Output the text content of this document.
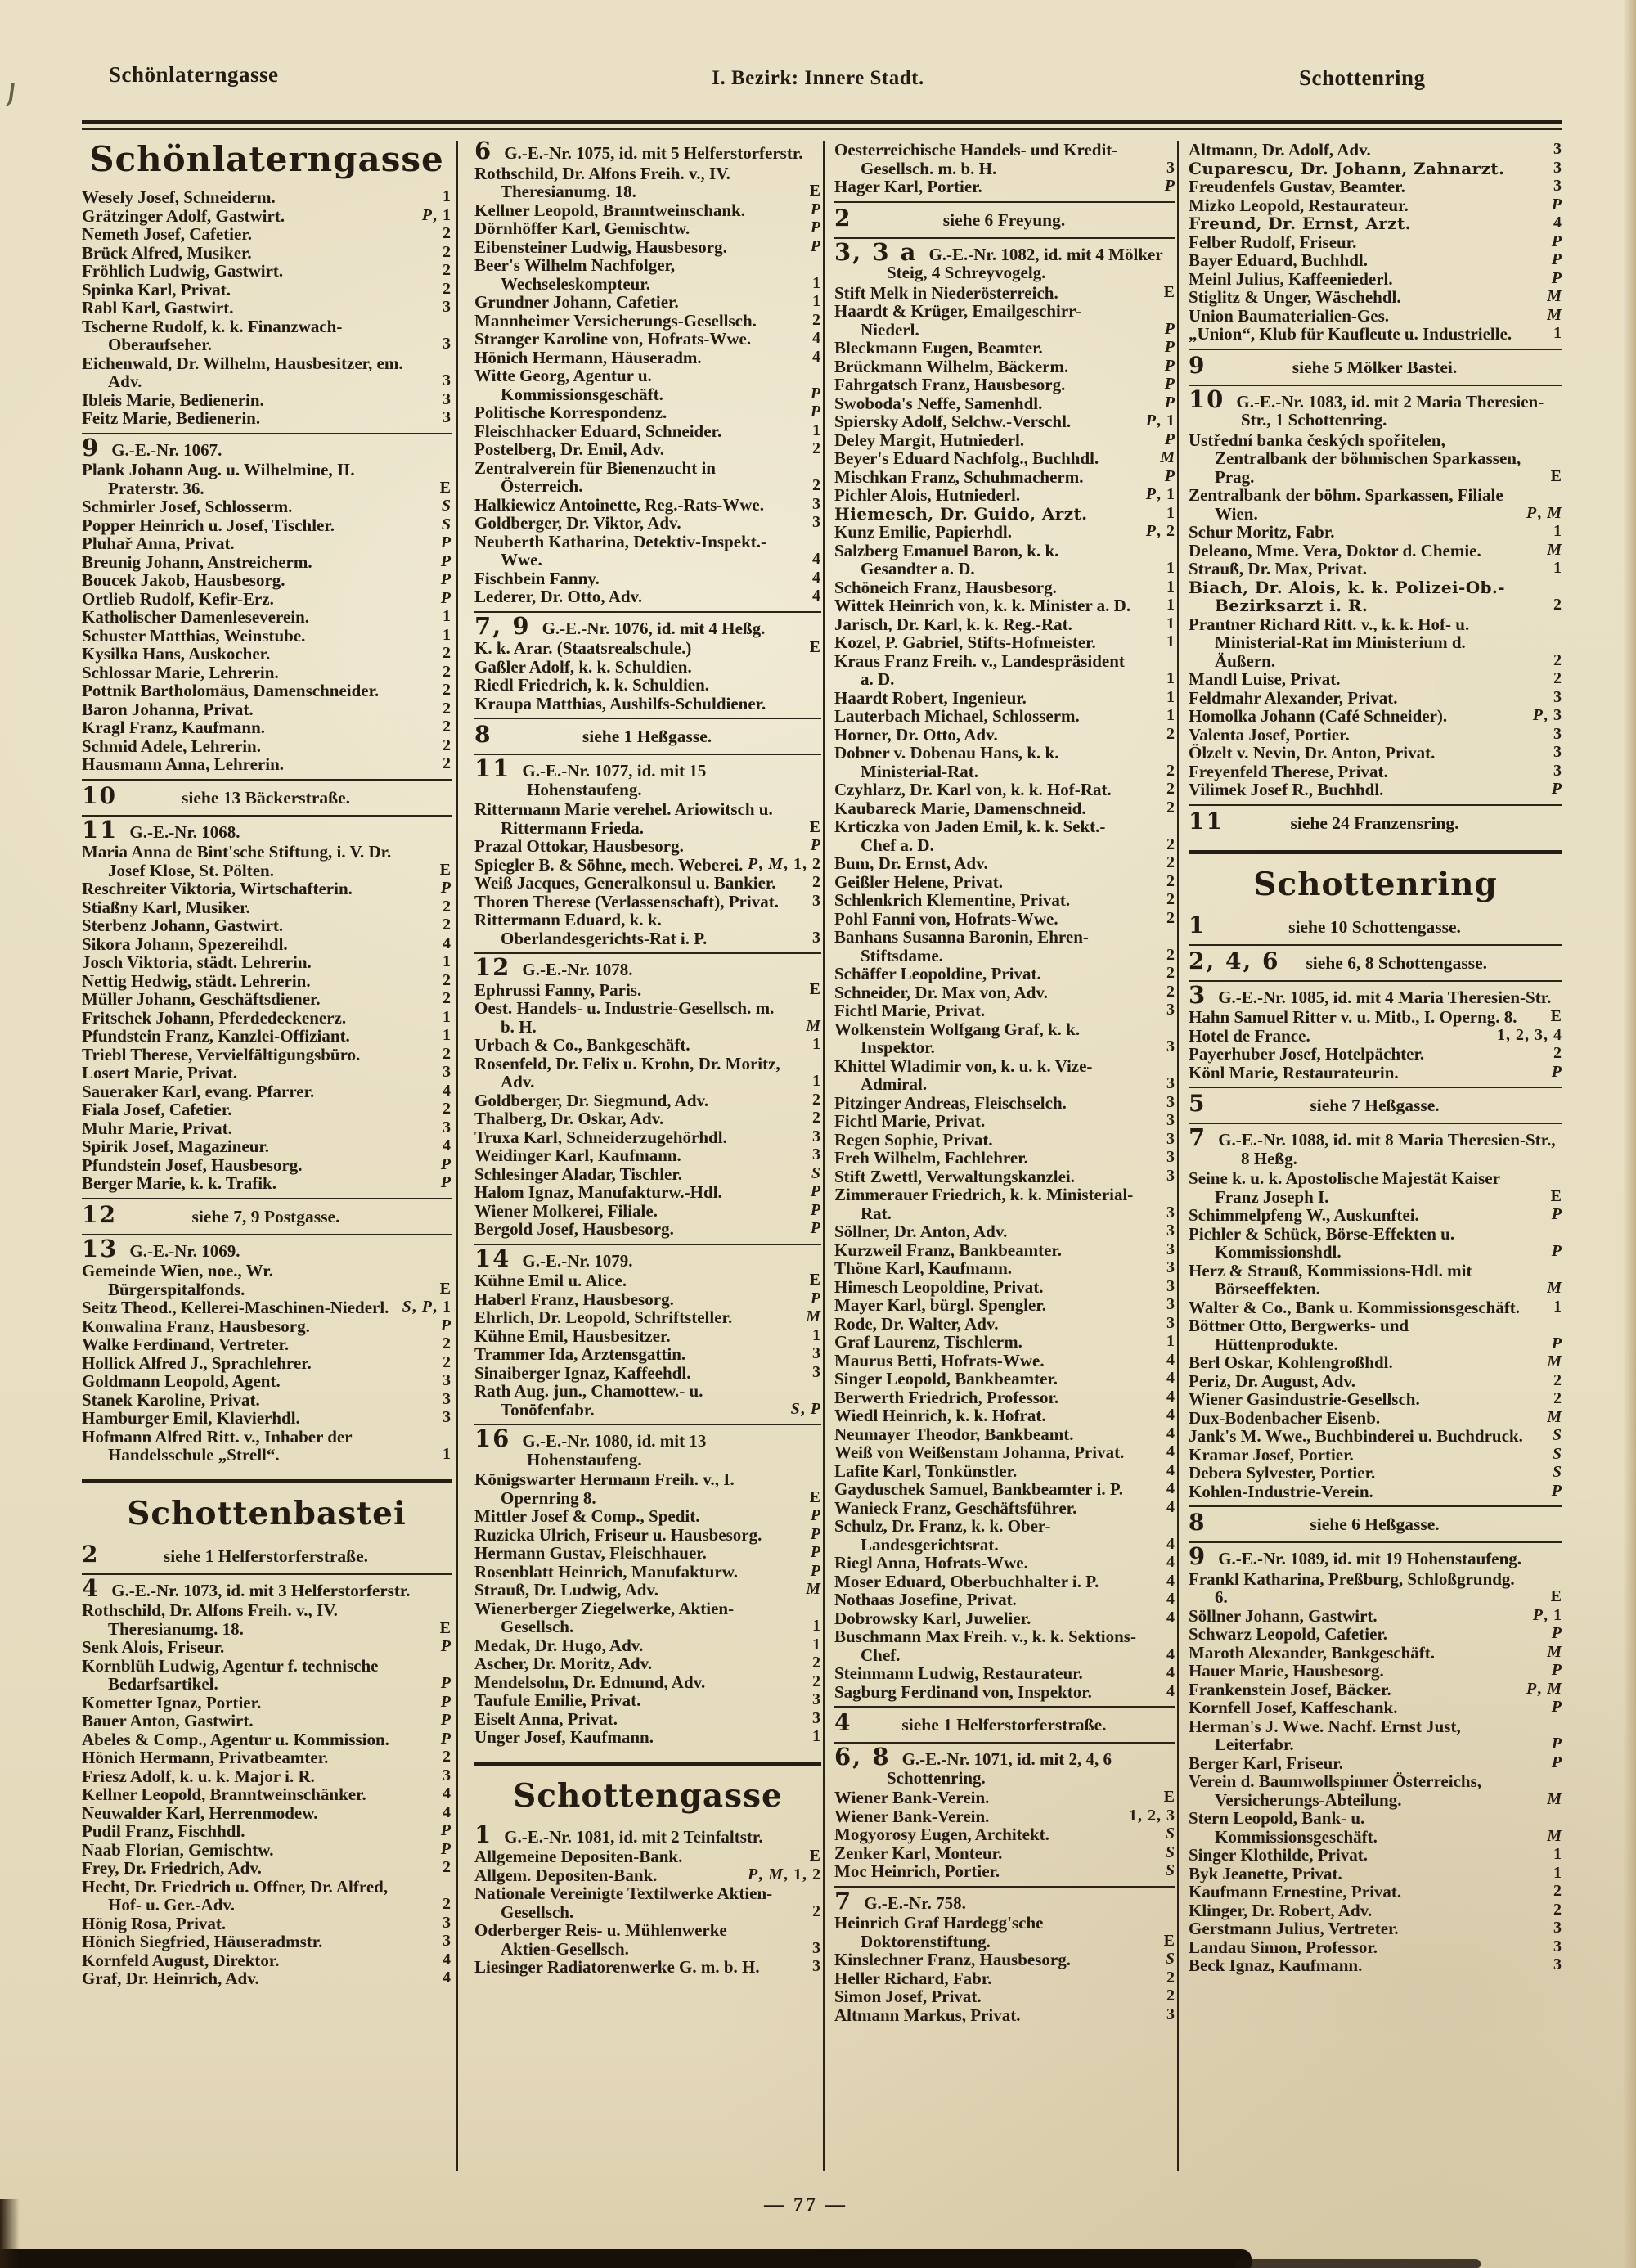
I. Bezirk: Innere Stadt.
Schönlaterngasse	Schottenring
Schönlaterngasse
Wesely Josef, Schneiderm.	1
Grätzinger Adolf, Gastwirt.	P, 1
Nemeth Josef, Cafetier.	2
Brück Alfred, Musiker.	2
Fröhlich Ludwig, Gastwirt.	2
Spinka Karl, Privat.	2
Rabl Karl, Gastwirt.	3
Tscherne Rudolf, k. k. Finanzwach-Oberaufseher.	3
Eichenwald, Dr. Wilhelm, Hausbesitzer, em. Adv.	3
Ibleis Marie, Bedienerin.	3
Feitz Marie, Bedienerin.	3
9 G.-E.-Nr. 1067.
Plank Johann Aug. u. Wilhelmine, II. Praterstr. 36.	E
Schmirler Josef, Schlosserm.	S
Popper Heinrich u. Josef, Tischler.	S
Pluhař Anna, Privat.	P
Breunig Johann, Anstreicherm.	P
Boucek Jakob, Hausbesorg.	P
Ortlieb Rudolf, Kefir-Erz.	P
Katholischer Damenleseverein.	1
Schuster Matthias, Weinstube.	1
Kysilka Hans, Auskocher.	2
Schlossar Marie, Lehrerin.	2
Pottnik Bartholomäus, Damenschneider.	2
Baron Johanna, Privat.	2
Kragl Franz, Kaufmann.	2
Schmid Adele, Lehrerin.	2
Hausmann Anna, Lehrerin.	2
10	siehe 13 Bäckerstraße.
11 G.-E.-Nr. 1068.
Maria Anna de Bint'sche Stiftung, i. V. Dr. Josef Klose, St. Pölten.	E
Reschreiter Viktoria, Wirtschafterin.	P
Stiaßny Karl, Musiker.	2
Sterbenz Johann, Gastwirt.	2
Sikora Johann, Spezereihdl.	4
Josch Viktoria, städt. Lehrerin.	1
Nettig Hedwig, städt. Lehrerin.	2
Müller Johann, Geschäftsdiener.	2
Fritschek Johann, Pferdedeckenerz.	1
Pfundstein Franz, Kanzlei-Offiziant.	1
Triebl Therese, Vervielfältigungsbüro.	2
Losert Marie, Privat.	3
Saueraker Karl, evang. Pfarrer.	4
Fiala Josef, Cafetier.	2
Muhr Marie, Privat.	3
Spirik Josef, Magazineur.	4
Pfundstein Josef, Hausbesorg.	P
Berger Marie, k. k. Trafik.	P
12	siehe 7, 9 Postgasse.
13 G.-E.-Nr. 1069.
Gemeinde Wien, noe., Wr. Bürgerspitalfonds.	E
Seitz Theod., Kellerei-Maschinen-Niederl. S, P, 1
Konwalina Franz, Hausbesorg.	P
Walke Ferdinand, Vertreter.	2
Hollick Alfred J., Sprachlehrer.	2
Goldmann Leopold, Agent.	3
Stanek Karoline, Privat.	3
Hamburger Emil, Klavierhdl.	3
Hofmann Alfred Ritt. v., Inhaber der Handelsschule „Strell“.	1
Schottenbastei
2	siehe 1 Helferstorferstraße.
4 G.-E.-Nr. 1073, id. mit 3 Helferstorferstr.
Rothschild, Dr. Alfons Freih. v., IV. Theresianumg. 18.	E
Senk Alois, Friseur.	P
Kornblüh Ludwig, Agentur f. technische Bedarfsartikel.	P
Kometter Ignaz, Portier.	P
Bauer Anton, Gastwirt.	P
Abeles & Comp., Agentur u. Kommission.	P
Hönich Hermann, Privatbeamter.	2
Friesz Adolf, k. u. k. Major i. R.	3
Kellner Leopold, Branntweinschänker.	4
Neuwalder Karl, Herrenmodew.	4
Pudil Franz, Fischhdl.	P
Naab Florian, Gemischtw.	P
Frey, Dr. Friedrich, Adv.	2
Hecht, Dr. Friedrich u. Offner, Dr. Alfred, Hof- u. Ger.-Adv.	2
Hönig Rosa, Privat.	3
Hönich Siegfried, Häuseradmstr.	3
Kornfeld August, Direktor.	4
Graf, Dr. Heinrich, Adv.	4
6 G.-E.-Nr. 1075, id. mit 5 Helferstorferstr.
Rothschild, Dr. Alfons Freih. v., IV. Theresianumg. 18.	E
Kellner Leopold, Branntweinschank.	P
Dörnhöffer Karl, Gemischtw.	P
Eibensteiner Ludwig, Hausbesorg.	P
Beer's Wilhelm Nachfolger, Wechseleskompteur.	1
Grundner Johann, Cafetier.	1
Mannheimer Versicherungs-Gesellsch.	2
Stranger Karoline von, Hofrats-Wwe.	4
Hönich Hermann, Häuseradm.	4
Witte Georg, Agentur u. Kommissionsgeschäft.	P
Politische Korrespondenz.	P
Fleischhacker Eduard, Schneider.	1
Postelberg, Dr. Emil, Adv.	2
Zentralverein für Bienenzucht in Österreich.	2
Halkiewicz Antoinette, Reg.-Rats-Wwe.	3
Goldberger, Dr. Viktor, Adv.	3
Neuberth Katharina, Detektiv-Inspekt.-Wwe.	4
Fischbein Fanny.	4
Lederer, Dr. Otto, Adv.	4
7, 9 G.-E.-Nr. 1076, id. mit 4 Heßg.
K. k. Arar. (Staatsrealschule.)	E
Gaßler Adolf, k. k. Schuldien.
Riedl Friedrich, k. k. Schuldien.
Kraupa Matthias, Aushilfs-Schuldiener.
8	siehe 1 Heßgasse.
11 G.-E.-Nr. 1077, id. mit 15 Hohenstaufeng.
Rittermann Marie verehel. Ariowitsch u. Rittermann Frieda.	E
Prazal Ottokar, Hausbesorg.	P
Spiegler B. & Söhne, mech. Weberei. P, M, 1, 2
Weiß Jacques, Generalkonsul u. Bankier. 2
Thoren Therese (Verlassenschaft), Privat. 3
Rittermann Eduard, k. k. Oberlandesgerichts-Rat i. P.	3
12 G.-E.-Nr. 1078.
Ephrussi Fanny, Paris.	E
Oest. Handels- u. Industrie-Gesellsch. m. b. H.	M
Urbach & Co., Bankgeschäft.	1
Rosenfeld, Dr. Felix u. Krohn, Dr. Moritz, Adv.	1
Goldberger, Dr. Siegmund, Adv.	2
Thalberg, Dr. Oskar, Adv.	2
Truxa Karl, Schneiderzugehörhdl.	3
Weidinger Karl, Kaufmann.	3
Schlesinger Aladar, Tischler.	S
Halom Ignaz, Manufakturw.-Hdl.	P
Wiener Molkerei, Filiale.	P
Bergold Josef, Hausbesorg.	P
14 G.-E.-Nr. 1079.
Kühne Emil u. Alice.	E
Haberl Franz, Hausbesorg.	P
Ehrlich, Dr. Leopold, Schriftsteller.	M
Kühne Emil, Hausbesitzer.	1
Trammer Ida, Arztensgattin.	3
Sinaiberger Ignaz, Kaffeehdl.	3
Rath Aug. jun., Chamottew.- u. Tonöfenfabr.	S, P
16 G.-E.-Nr. 1080, id. mit 13 Hohenstaufeng.
Königswarter Hermann Freih. v., I. Opernring 8.	E
Mittler Josef & Comp., Spedit.	P
Ruzicka Ulrich, Friseur u. Hausbesorg.	P
Hermann Gustav, Fleischhauer.	P
Rosenblatt Heinrich, Manufakturw.	P
Strauß, Dr. Ludwig, Adv.	M
Wienerberger Ziegelwerke, Aktien-Gesellsch.	1
Medak, Dr. Hugo, Adv.	1
Ascher, Dr. Moritz, Adv.	2
Mendelsohn, Dr. Edmund, Adv.	2
Taufule Emilie, Privat.	3
Eiselt Anna, Privat.	3
Unger Josef, Kaufmann.	1
Schottengasse
1 G.-E.-Nr. 1081, id. mit 2 Teinfaltstr.
Allgemeine Depositen-Bank.	E
Allgem. Depositen-Bank.	P, M, 1, 2
Nationale Vereinigte Textilwerke Aktien-Gesellsch.	2
Oderberger Reis- u. Mühlenwerke Aktien-Gesellsch.	3
Liesinger Radiatorenwerke G. m. b. H.	3
Oesterreichische Handels- und Kredit-Gesellsch. m. b. H.	3
Hager Karl, Portier.	P
2	siehe 6 Freyung.
3, 3 a G.-E.-Nr. 1082, id. mit 4 Mölker Steig, 4 Schreyvogelg.
Stift Melk in Niederösterreich.	E
Haardt & Krüger, Emailgeschirr-Niederl.	P
Bleckmann Eugen, Beamter.	P
Brückmann Wilhelm, Bäckerm.	P
Fahrgatsch Franz, Hausbesorg.	P
Swoboda's Neffe, Samenhdl.	P
Spiersky Adolf, Selchw.-Verschl.	P, 1
Deley Margit, Hutniederl.	P
Beyer's Eduard Nachfolg., Buchhdl.	M
Mischkan Franz, Schuhmacherm.	P
Pichler Alois, Hutniederl.	P, 1
Hiemesch, Dr. Guido, Arzt.	1
Kunz Emilie, Papierhdl.	P, 2
Salzberg Emanuel Baron, k. k. Gesandter a. D.	1
Schöneich Franz, Hausbesorg.	1
Wittek Heinrich von, k. k. Minister a. D. 1
Jarisch, Dr. Karl, k. k. Reg.-Rat.	1
Kozel, P. Gabriel, Stifts-Hofmeister.	1
Kraus Franz Freih. v., Landespräsident a. D.	1
Haardt Robert, Ingenieur.	1
Lauterbach Michael, Schlosserm.	1
Horner, Dr. Otto, Adv.	2
Dobner v. Dobenau Hans, k. k. Ministerial-Rat.	2
Czyhlarz, Dr. Karl von, k. k. Hof-Rat.	2
Kaubareck Marie, Damenschneid.	2
Krticzka von Jaden Emil, k. k. Sekt.-Chef a. D.	2
Bum, Dr. Ernst, Adv.	2
Geißler Helene, Privat.	2
Schlenkrich Klementine, Privat.	2
Pohl Fanni von, Hofrats-Wwe.	2
Banhans Susanna Baronin, Ehren-Stiftsdame.	2
Schäffer Leopoldine, Privat.	2
Schneider, Dr. Max von, Adv.	2
Fichtl Marie, Privat.	3
Wolkenstein Wolfgang Graf, k. k. Inspektor.	3
Khittel Wladimir von, k. u. k. Vize-Admiral.	3
Pitzinger Andreas, Fleischselch.	3
Fichtl Marie, Privat.	3
Regen Sophie, Privat.	3
Freh Wilhelm, Fachlehrer.	3
Stift Zwettl, Verwaltungskanzlei.	3
Zimmerauer Friedrich, k. k. Ministerial-Rat.	3
Söllner, Dr. Anton, Adv.	3
Kurzweil Franz, Bankbeamter.	3
Thöne Karl, Kaufmann.	3
Himesch Leopoldine, Privat.	3
Mayer Karl, bürgl. Spengler.	3
Rode, Dr. Walter, Adv.	3
Graf Laurenz, Tischlerm.	1
Maurus Betti, Hofrats-Wwe.	4
Singer Leopold, Bankbeamter.	4
Berwerth Friedrich, Professor.	4
Wiedl Heinrich, k. k. Hofrat.	4
Neumayer Theodor, Bankbeamt.	4
Weiß von Weißenstam Johanna, Privat.	4
Lafite Karl, Tonkünstler.	4
Gayduschek Samuel, Bankbeamter i. P.	4
Wanieck Franz, Geschäftsführer.	4
Schulz, Dr. Franz, k. k. Ober-Landesgerichtsrat.	4
Riegl Anna, Hofrats-Wwe.	4
Moser Eduard, Oberbuchhalter i. P.	4
Nothaas Josefine, Privat.	4
Dobrowsky Karl, Juwelier.	4
Buschmann Max Freih. v., k. k. Sektions-Chef.	4
Steinmann Ludwig, Restaurateur.	4
Sagburg Ferdinand von, Inspektor.	4
4	siehe 1 Helferstorferstraße.
6, 8 G.-E.-Nr. 1071, id. mit 2, 4, 6 Schottenring.
Wiener Bank-Verein.	E
Wiener Bank-Verein.	1, 2, 3
Mogyorosy Eugen, Architekt.	S
Zenker Karl, Monteur.	S
Moc Heinrich, Portier.	S
7 G.-E.-Nr. 758.
Heinrich Graf Hardegg'sche Doktorenstiftung.	E
Kinslechner Franz, Hausbesorg.	S
Heller Richard, Fabr.	2
Simon Josef, Privat.	2
Altmann Markus, Privat.	3
Altmann, Dr. Adolf, Adv.	3
Cuparescu, Dr. Johann, Zahnarzt.	3
Freudenfels Gustav, Beamter.	3
Mizko Leopold, Restaurateur.	P
Freund, Dr. Ernst, Arzt.	4
Felber Rudolf, Friseur.	P
Bayer Eduard, Buchhdl.	P
Meinl Julius, Kaffeeniederl.	P
Stiglitz & Unger, Wäschehdl.	M
Union Baumaterialien-Ges.	M
„Union“, Klub für Kaufleute u. Industrielle.	1
9	siehe 5 Mölker Bastei.
10 G.-E.-Nr. 1083, id. mit 2 Maria Theresien-Str., 1 Schottenring.
Ustřední banka českých spořitelen, Zentralbank der böhmischen Sparkassen, Prag.	E
Zentralbank der böhm. Sparkassen, Filiale Wien.	P, M
Schur Moritz, Fabr.	1
Deleano, Mme. Vera, Doktor d. Chemie.	M
Strauß, Dr. Max, Privat.	1
Biach, Dr. Alois, k. k. Polizei-Ob.-Bezirksarzt i. R.	2
Prantner Richard Ritt. v., k. k. Hof- u. Ministerial-Rat im Ministerium d. Äußern.	2
Mandl Luise, Privat.	2
Feldmahr Alexander, Privat.	3
Homolka Johann (Café Schneider).	P, 3
Valenta Josef, Portier.	3
Ölzelt v. Nevin, Dr. Anton, Privat.	3
Freyenfeld Therese, Privat.	3
Vilimek Josef R., Buchhdl.	P
11	siehe 24 Franzensring.
Schottenring
1	siehe 10 Schottengasse.
2, 4, 6	siehe 6, 8 Schottengasse.
3 G.-E.-Nr. 1085, id. mit 4 Maria Theresien-Str.
Hahn Samuel Ritter v. u. Mitb., I. Operng. 8. E
Hotel de France.	1, 2, 3, 4
Payerhuber Josef, Hotelpächter.	2
Könl Marie, Restaurateurin.	P
5	siehe 7 Heßgasse.
7 G.-E.-Nr. 1088, id. mit 8 Maria Theresien-Str., 8 Heßg.
Seine k. u. k. Apostolische Majestät Kaiser Franz Joseph I.	E
Schimmelpfeng W., Auskunftei.	P
Pichler & Schück, Börse-Effekten u. Kommissionshdl.	P
Herz & Strauß, Kommissions-Hdl. mit Börseeffekten.	M
Walter & Co., Bank u. Kommissionsgeschäft. 1
Böttner Otto, Bergwerks- und Hüttenprodukte.	P
Berl Oskar, Kohlengroßhdl.	M
Periz, Dr. August, Adv.	2
Wiener Gasindustrie-Gesellsch.	2
Dux-Bodenbacher Eisenb.	M
Jank's M. Wwe., Buchbinderei u. Buchdruck. S
Kramar Josef, Portier.	S
Debera Sylvester, Portier.	S
Kohlen-Industrie-Verein.	P
8	siehe 6 Heßgasse.
9 G.-E.-Nr. 1089, id. mit 19 Hohenstaufeng.
Frankl Katharina, Preßburg, Schloßgrundg. 6.	E
Söllner Johann, Gastwirt.	P, 1
Schwarz Leopold, Cafetier.	P
Maroth Alexander, Bankgeschäft.	M
Hauer Marie, Hausbesorg.	P
Frankenstein Josef, Bäcker.	P, M
Kornfell Josef, Kaffeschank.	P
Herman's J. Wwe. Nachf. Ernst Just, Leiterfabr.	P
Berger Karl, Friseur.	P
Verein d. Baumwollspinner Österreichs, Versicherungs-Abteilung.	M
Stern Leopold, Bank- u. Kommissionsgeschäft.	M
Singer Klothilde, Privat.	1
Byk Jeanette, Privat.	1
Kaufmann Ernestine, Privat.	2
Klinger, Dr. Robert, Adv.	2
Gerstmann Julius, Vertreter.	3
Landau Simon, Professor.	3
Beck Ignaz, Kaufmann.	3
— 77 —
